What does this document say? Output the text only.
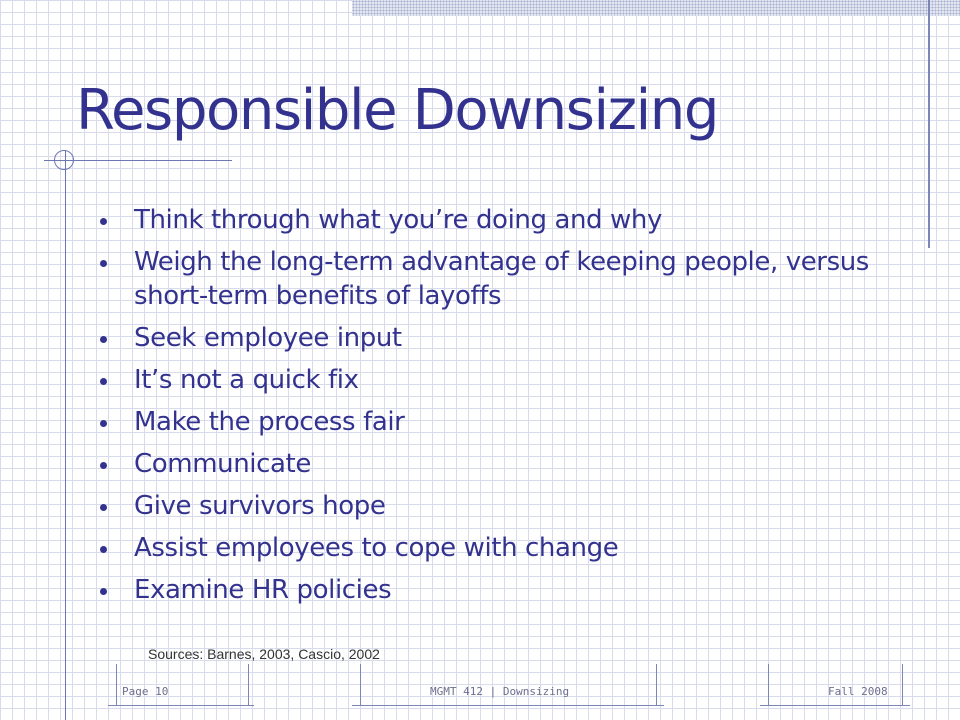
Responsible Downsizing
Think through what you’re doing and why
Weigh the long-term advantage of keeping people, versus short-term benefits of layoffs
Seek employee input
It’s not a quick fix
Make the process fair
Communicate
Give survivors hope
Assist employees to cope with change
Examine HR policies
Sources: Barnes, 2003, Cascio, 2002
Page 10	MGMT 412 | Downsizing	Fall 2008
